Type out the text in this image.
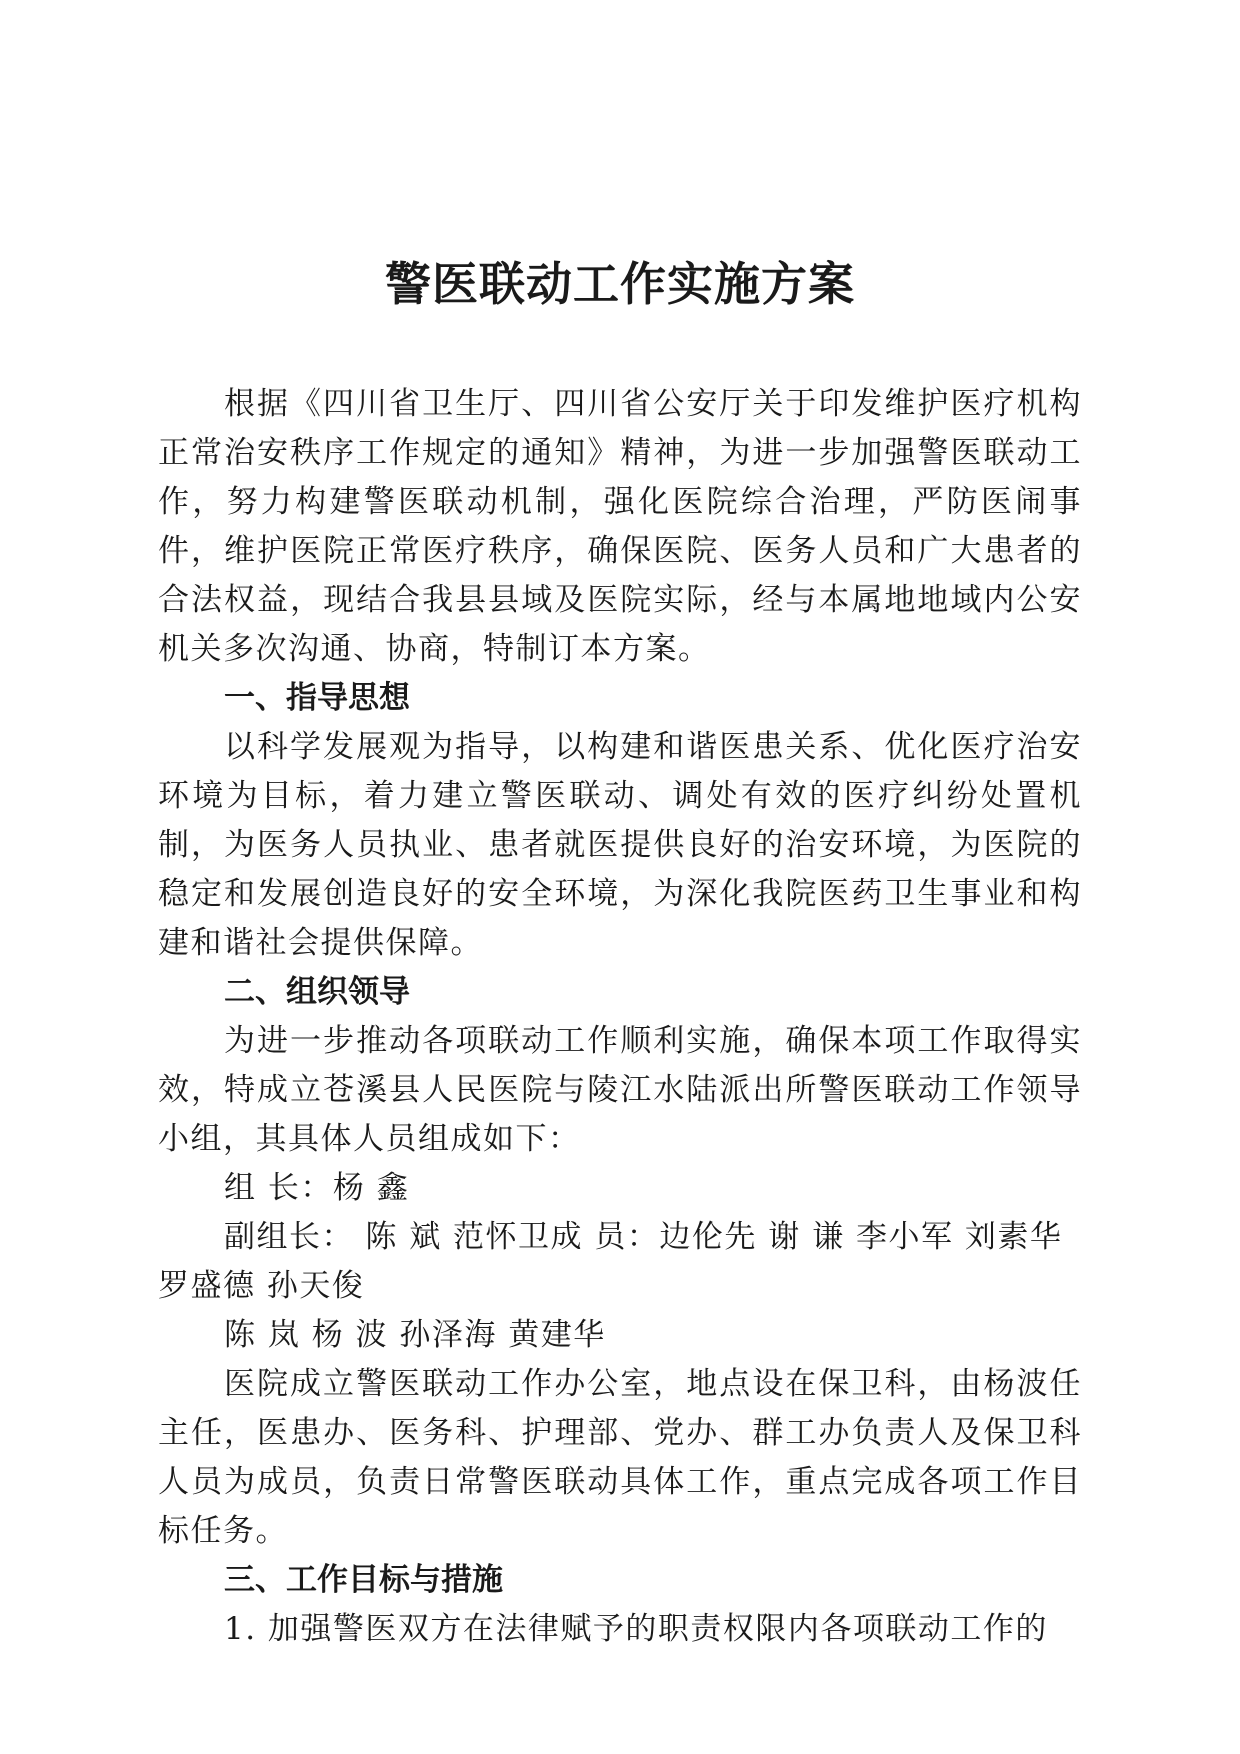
警医联动工作实施方案

根据《四川省卫生厅、四川省公安厅关于印发维护医疗机构正常治安秩序工作规定的通知》精神，为进一步加强警医联动工作，努力构建警医联动机制，强化医院综合治理，严防医闹事件，维护医院正常医疗秩序，确保医院、医务人员和广大患者的合法权益，现结合我县县域及医院实际，经与本属地地域内公安机关多次沟通、协商，特制订本方案。

一、指导思想

以科学发展观为指导，以构建和谐医患关系、优化医疗治安环境为目标，着力建立警医联动、调处有效的医疗纠纷处置机制，为医务人员执业、患者就医提供良好的治安环境，为医院的稳定和发展创造良好的安全环境，为深化我院医药卫生事业和构建和谐社会提供保障。

二、组织领导

为进一步推动各项联动工作顺利实施，确保本项工作取得实效，特成立苍溪县人民医院与陵江水陆派出所警医联动工作领导小组，其具体人员组成如下：

组 长：杨 鑫

副组长： 陈 斌 范怀卫成 员：边伦先 谢 谦 李小军 刘素华 罗盛德 孙天俊

陈 岚 杨 波 孙泽海 黄建华

医院成立警医联动工作办公室，地点设在保卫科，由杨波任主任，医患办、医务科、护理部、党办、群工办负责人及保卫科人员为成员，负责日常警医联动具体工作，重点完成各项工作目标任务。

三、工作目标与措施

1. 加强警医双方在法律赋予的职责权限内各项联动工作的
